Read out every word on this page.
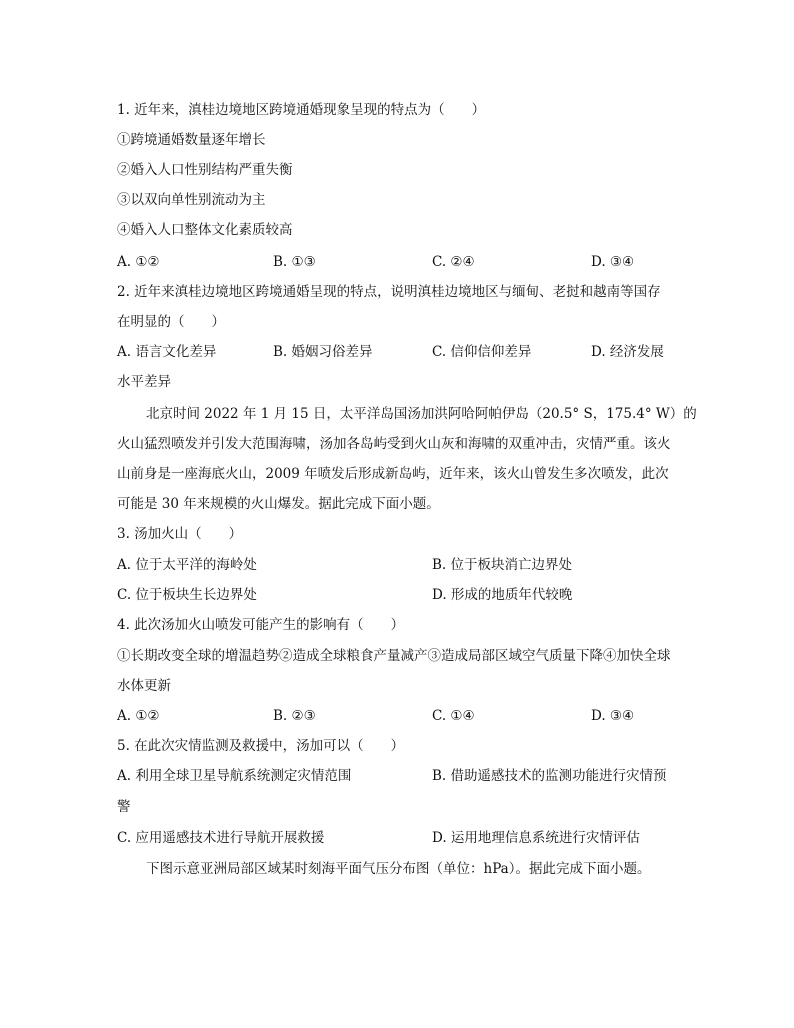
1. 近年来，滇桂边境地区跨境通婚现象呈现的特点为（　　）
①跨境通婚数量逐年增长
②婚入人口性别结构严重失衡
③以双向单性别流动为主
④婚入人口整体文化素质较高
A. ①②	B. ①③	C. ②④	D. ③④
2. 近年来滇桂边境地区跨境通婚呈现的特点，说明滇桂边境地区与缅甸、老挝和越南等国存
在明显的（　　）
A. 语言文化差异	B. 婚姻习俗差异	C. 信仰信仰差异	D. 经济发展
水平差异
北京时间 2022 年 1 月 15 日，太平洋岛国汤加洪阿哈阿帕伊岛（20.5° S，175.4° W）的
火山猛烈喷发并引发大范围海啸，汤加各岛屿受到火山灰和海啸的双重冲击，灾情严重。该火
山前身是一座海底火山，2009 年喷发后形成新岛屿，近年来，该火山曾发生多次喷发，此次
可能是 30 年来规模的火山爆发。据此完成下面小题。
3. 汤加火山（　　）
A. 位于太平洋的海岭处	B. 位于板块消亡边界处
C. 位于板块生长边界处	D. 形成的地质年代较晚
4. 此次汤加火山喷发可能产生的影响有（　　）
①长期改变全球的增温趋势②造成全球粮食产量减产③造成局部区域空气质量下降④加快全球
水体更新
A. ①②	B. ②③	C. ①④	D. ③④
5. 在此次灾情监测及救援中，汤加可以（　　）
A. 利用全球卫星导航系统测定灾情范围	B. 借助遥感技术的监测功能进行灾情预
警
C. 应用遥感技术进行导航开展救援	D. 运用地理信息系统进行灾情评估
下图示意亚洲局部区域某时刻海平面气压分布图（单位：hPa）。据此完成下面小题。
